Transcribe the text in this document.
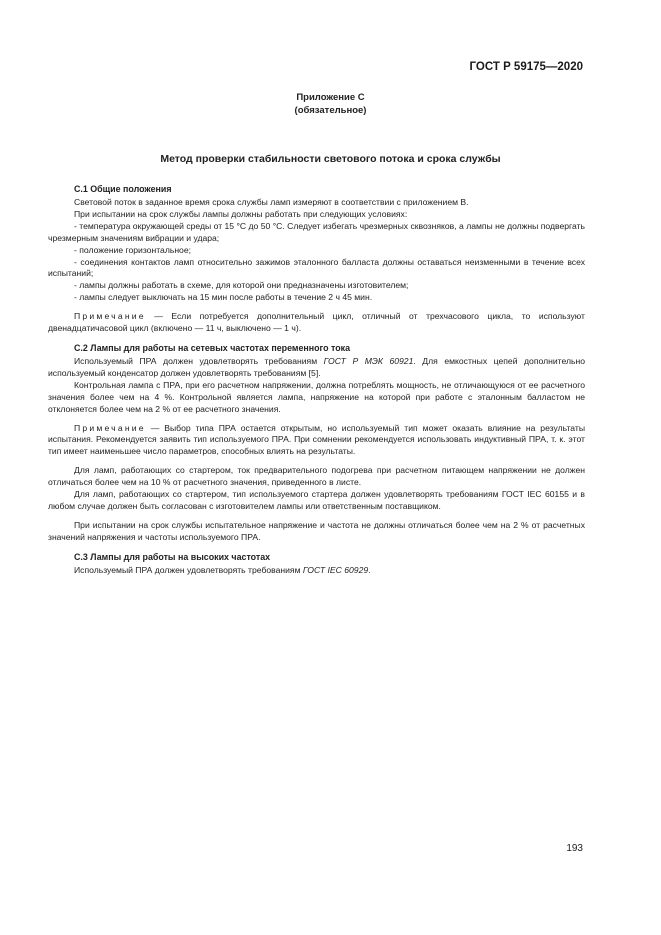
ГОСТ Р 59175—2020
Приложение С
(обязательное)
Метод проверки стабильности светового потока и срока службы
С.1 Общие положения

Световой поток в заданное время срока службы ламп измеряют в соответствии с приложением В.

При испытании на срок службы лампы должны работать при следующих условиях:

- температура окружающей среды от 15 °С до 50 °С. Следует избегать чрезмерных сквозняков, а лампы не должны подвергать чрезмерным значениям вибрации и удара;

- положение горизонтальное;

- соединения контактов ламп относительно зажимов эталонного балласта должны оставаться неизменными в течение всех испытаний;

- лампы должны работать в схеме, для которой они предназначены изготовителем;

- лампы следует выключать на 15 мин после работы в течение 2 ч 45 мин.

Примечание — Если потребуется дополнительный цикл, отличный от трехчасового цикла, то используют двенадцатичасовой цикл (включено — 11 ч, выключено — 1 ч).

С.2 Лампы для работы на сетевых частотах переменного тока

Используемый ПРА должен удовлетворять требованиям ГОСТ Р МЭК 60921. Для емкостных цепей дополнительно используемый конденсатор должен удовлетворять требованиям [5].

Контрольная лампа с ПРА, при его расчетном напряжении, должна потреблять мощность, не отличающуюся от ее расчетного значения более чем на 4 %. Контрольной является лампа, напряжение на которой при работе с эталонным балластом не отклоняется более чем на 2 % от ее расчетного значения.

Примечание — Выбор типа ПРА остается открытым, но используемый тип может оказать влияние на результаты испытания. Рекомендуется заявить тип используемого ПРА. При сомнении рекомендуется использовать индуктивный ПРА, т. к. этот тип имеет наименьшее число параметров, способных влиять на результаты.

Для ламп, работающих со стартером, ток предварительного подогрева при расчетном питающем напряжении не должен отличаться более чем на 10 % от расчетного значения, приведенного в листе.

Для ламп, работающих со стартером, тип используемого стартера должен удовлетворять требованиям ГОСТ IEC 60155 и в любом случае должен быть согласован с изготовителем лампы или ответственным поставщиком.

При испытании на срок службы испытательное напряжение и частота не должны отличаться более чем на 2 % от расчетных значений напряжения и частоты используемого ПРА.

С.3 Лампы для работы на высоких частотах

Используемый ПРА должен удовлетворять требованиям ГОСТ IEC 60929.

193
